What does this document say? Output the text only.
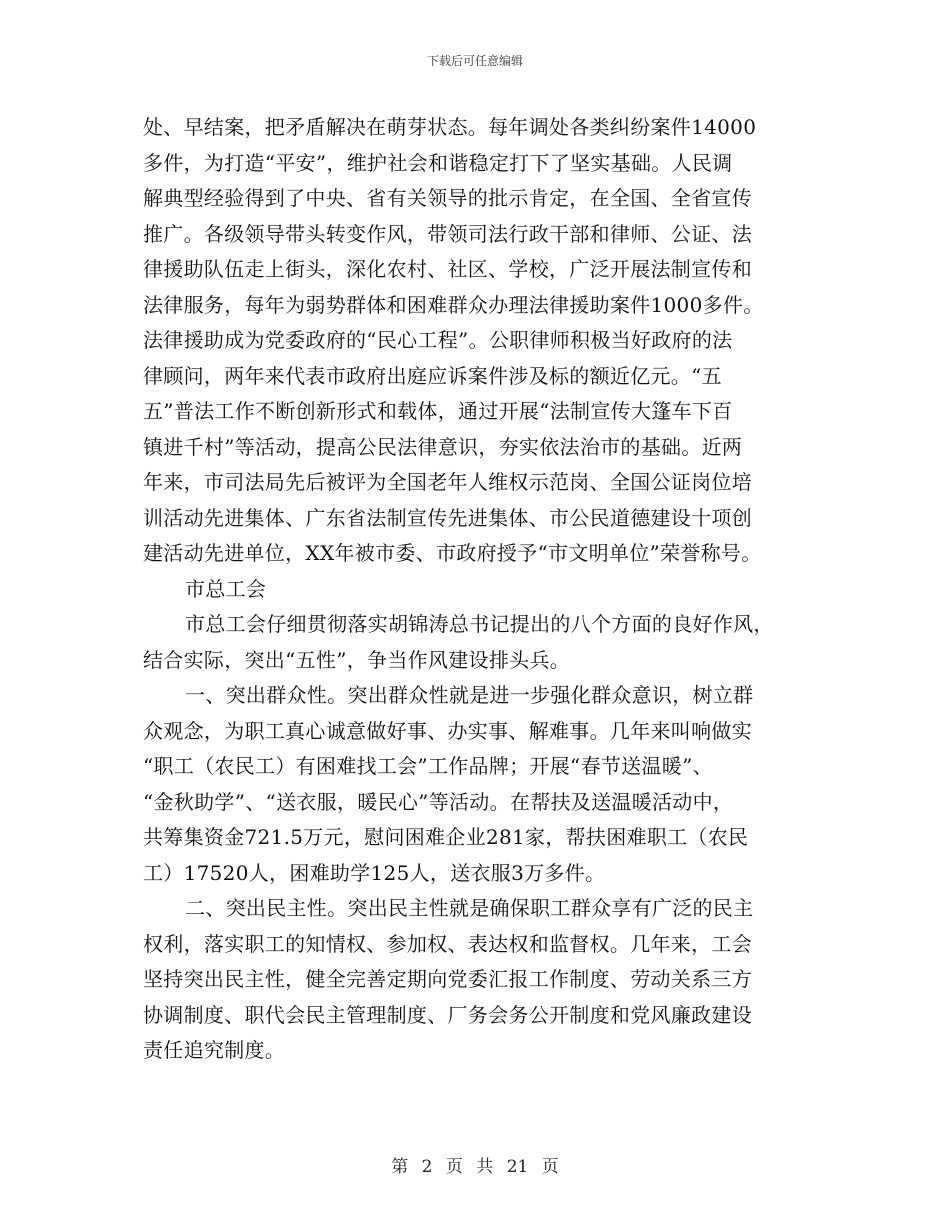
下载后可任意编辑
处、早结案，把矛盾解决在萌芽状态。每年调处各类纠纷案件14000
多件，为打造“平安”，维护社会和谐稳定打下了坚实基础。人民调
解典型经验得到了中央、省有关领导的批示肯定，在全国、全省宣传
推广。各级领导带头转变作风，带领司法行政干部和律师、公证、法
律援助队伍走上街头，深化农村、社区、学校，广泛开展法制宣传和
法律服务，每年为弱势群体和困难群众办理法律援助案件1000多件。
法律援助成为党委政府的“民心工程”。公职律师积极当好政府的法
律顾问，两年来代表市政府出庭应诉案件涉及标的额近亿元。“五
五”普法工作不断创新形式和载体，通过开展“法制宣传大篷车下百
镇进千村”等活动，提高公民法律意识，夯实依法治市的基础。近两
年来，市司法局先后被评为全国老年人维权示范岗、全国公证岗位培
训活动先进集体、广东省法制宣传先进集体、市公民道德建设十项创
建活动先进单位，XX年被市委、市政府授予“市文明单位”荣誉称号。
市总工会
市总工会仔细贯彻落实胡锦涛总书记提出的八个方面的良好作风，
结合实际，突出“五性”，争当作风建设排头兵。
一、突出群众性。突出群众性就是进一步强化群众意识，树立群
众观念，为职工真心诚意做好事、办实事、解难事。几年来叫响做实
“职工（农民工）有困难找工会”工作品牌；开展“春节送温暖”、
“金秋助学”、“送衣服，暖民心”等活动。在帮扶及送温暖活动中，
共筹集资金721.5万元，慰问困难企业281家，帮扶困难职工（农民
工）17520人，困难助学125人，送衣服3万多件。
二、突出民主性。突出民主性就是确保职工群众享有广泛的民主
权利，落实职工的知情权、参加权、表达权和监督权。几年来，工会
坚持突出民主性，健全完善定期向党委汇报工作制度、劳动关系三方
协调制度、职代会民主管理制度、厂务会务公开制度和党风廉政建设
责任追究制度。
第 2 页 共 21 页
